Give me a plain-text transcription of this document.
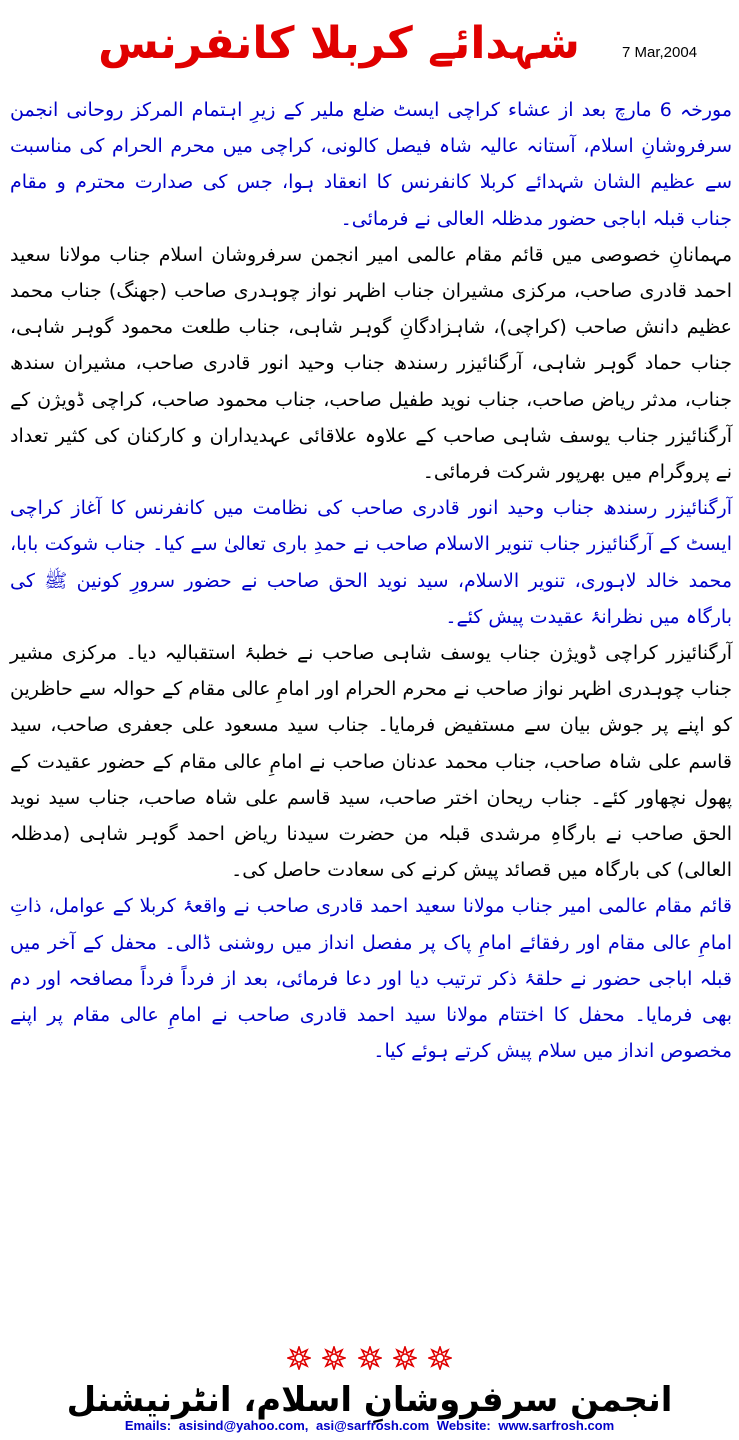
شہدائے کربلا کانفرنس	7 Mar,2004

مورخہ 6 مارچ بعد از عشاء کراچی ایسٹ ضلع ملیر کے زیرِ اہتمام المرکز روحانی انجمن سرفروشانِ اسلام، آستانہ عالیہ شاہ فیصل کالونی، کراچی میں محرم الحرام کی مناسبت سے عظیم الشان شہدائے کربلا کانفرنس کا انعقاد ہوا، جس کی صدارت محترم و مقام جناب قبلہ اباجی حضور مدظلہ العالی نے فرمائی۔

مہمانانِ خصوصی میں قائم مقام عالمی امیر انجمن سرفروشان اسلام جناب مولانا سعید احمد قادری صاحب، مرکزی مشیران جناب اظہر نواز چوہدری صاحب (جھنگ) جناب محمد عظیم دانش صاحب (کراچی)، شاہزادگانِ گوہر شاہی، جناب طلعت محمود گوہر شاہی، جناب حماد گوہر شاہی، آرگنائیزر رسندھ جناب وحید انور قادری صاحب، مشیران سندھ جناب، مدثر ریاض صاحب، جناب نوید طفیل صاحب، جناب محمود صاحب، کراچی ڈویژن کے آرگنائیزر جناب یوسف شاہی صاحب کے علاوہ علاقائی عہدیداران و کارکنان کی کثیر تعداد نے پروگرام میں بھرپور شرکت فرمائی۔

آرگنائیزر رسندھ جناب وحید انور قادری صاحب کی نظامت میں کانفرنس کا آغاز کراچی ایسٹ کے آرگنائیزر جناب تنویر الاسلام صاحب نے حمدِ باری تعالیٰ سے کیا۔ جناب شوکت بابا، محمد خالد لاہوری، تنویر الاسلام، سید نوید الحق صاحب نے حضور سرورِ کونین ﷺ کی بارگاہ میں نظرانۂ عقیدت پیش کئے۔

آرگنائیزر کراچی ڈویژن جناب یوسف شاہی صاحب نے خطبۂ استقبالیہ دیا۔ مرکزی مشیر جناب چوہدری اظہر نواز صاحب نے محرم الحرام اور امامِ عالی مقام کے حوالہ سے حاظرین کو اپنے پر جوش بیان سے مستفیض فرمایا۔ جناب سید مسعود علی جعفری صاحب، سید قاسم علی شاہ صاحب، جناب محمد عدنان صاحب نے امامِ عالی مقام کے حضور عقیدت کے پھول نچھاور کئے۔ جناب ریحان اختر صاحب، سید قاسم علی شاہ صاحب، جناب سید نوید الحق صاحب نے بارگاہِ مرشدی قبلہ من حضرت سیدنا ریاض احمد گوہر شاہی (مدظلہ العالی) کی بارگاہ میں قصائد پیش کرنے کی سعادت حاصل کی۔

قائم مقام عالمی امیر جناب مولانا سعید احمد قادری صاحب نے واقعۂ کربلا کے عوامل، ذاتِ امامِ عالی مقام اور رفقائے امامِ پاک پر مفصل انداز میں روشنی ڈالی۔ محفل کے آخر میں قبلہ اباجی حضور نے حلقۂ ذکر ترتیب دیا اور دعا فرمائی، بعد از فرداً فرداً مصافحہ اور دم بھی فرمایا۔ محفل کا اختتام مولانا سید احمد قادری صاحب نے امامِ عالی مقام پر اپنے مخصوص انداز میں سلام پیش کرتے ہوئے کیا۔

انجمن سرفروشانِ اسلام، انٹرنیشنل
Emails: asisind@yahoo.com, asi@sarfrosh.com Website: www.sarfrosh.com
